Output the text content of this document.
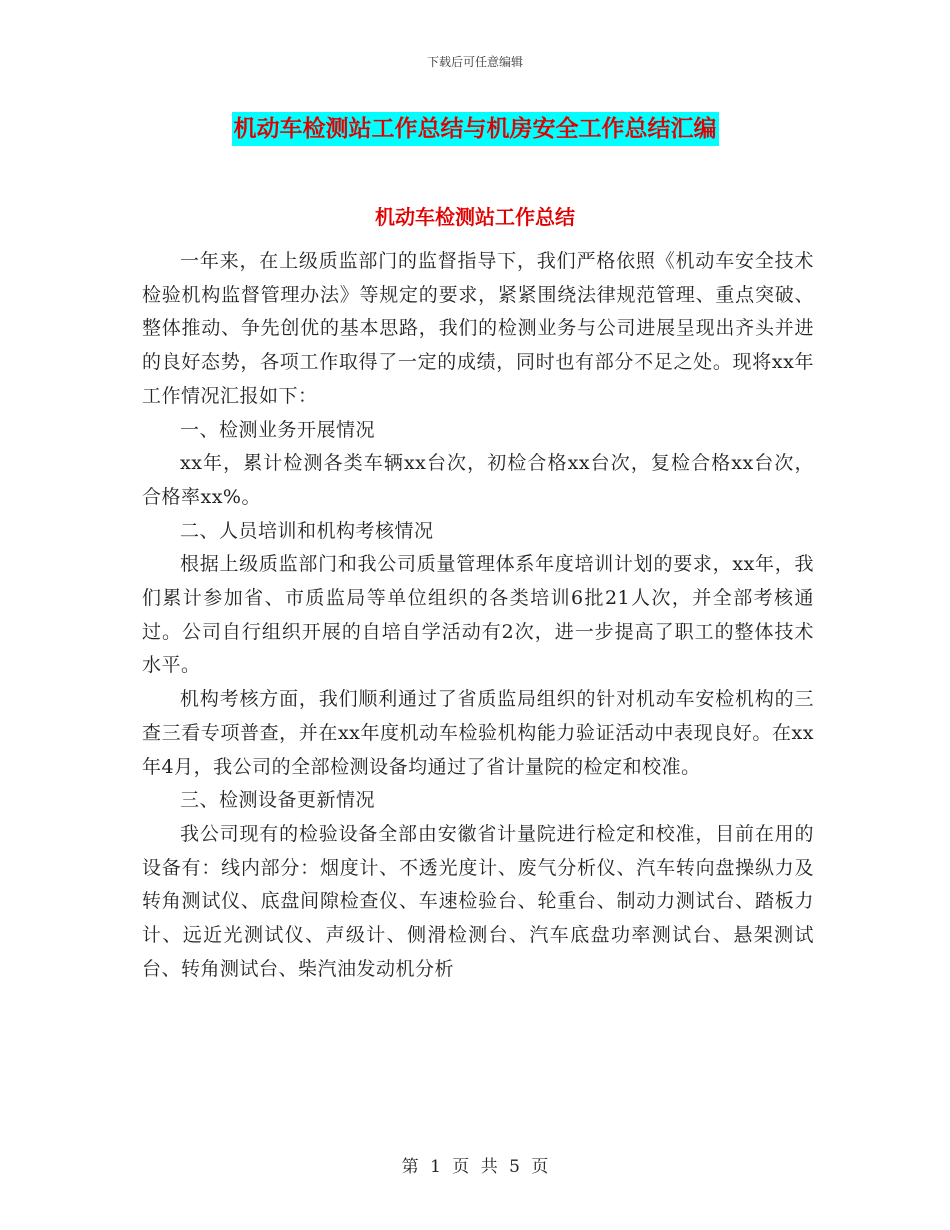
下载后可任意编辑
机动车检测站工作总结与机房安全工作总结汇编
机动车检测站工作总结

一年来，在上级质监部门的监督指导下，我们严格依照《机动车安全技术检验机构监督管理办法》等规定的要求，紧紧围绕法律规范管理、重点突破、整体推动、争先创优的基本思路，我们的检测业务与公司进展呈现出齐头并进的良好态势，各项工作取得了一定的成绩，同时也有部分不足之处。现将xx年工作情况汇报如下：

一、检测业务开展情况

xx年，累计检测各类车辆xx台次，初检合格xx台次，复检合格xx台次，合格率xx%。

二、人员培训和机构考核情况

根据上级质监部门和我公司质量管理体系年度培训计划的要求，xx年，我们累计参加省、市质监局等单位组织的各类培训6批21人次，并全部考核通过。公司自行组织开展的自培自学活动有2次，进一步提高了职工的整体技术水平。

机构考核方面，我们顺利通过了省质监局组织的针对机动车安检机构的三查三看专项普查，并在xx年度机动车检验机构能力验证活动中表现良好。在xx年4月，我公司的全部检测设备均通过了省计量院的检定和校准。

三、检测设备更新情况

我公司现有的检验设备全部由安徽省计量院进行检定和校准，目前在用的设备有：线内部分：烟度计、不透光度计、废气分析仪、汽车转向盘操纵力及转角测试仪、底盘间隙检查仪、车速检验台、轮重台、制动力测试台、踏板力计、远近光测试仪、声级计、侧滑检测台、汽车底盘功率测试台、悬架测试台、转角测试台、柴汽油发动机分析

第 1 页 共 5 页
